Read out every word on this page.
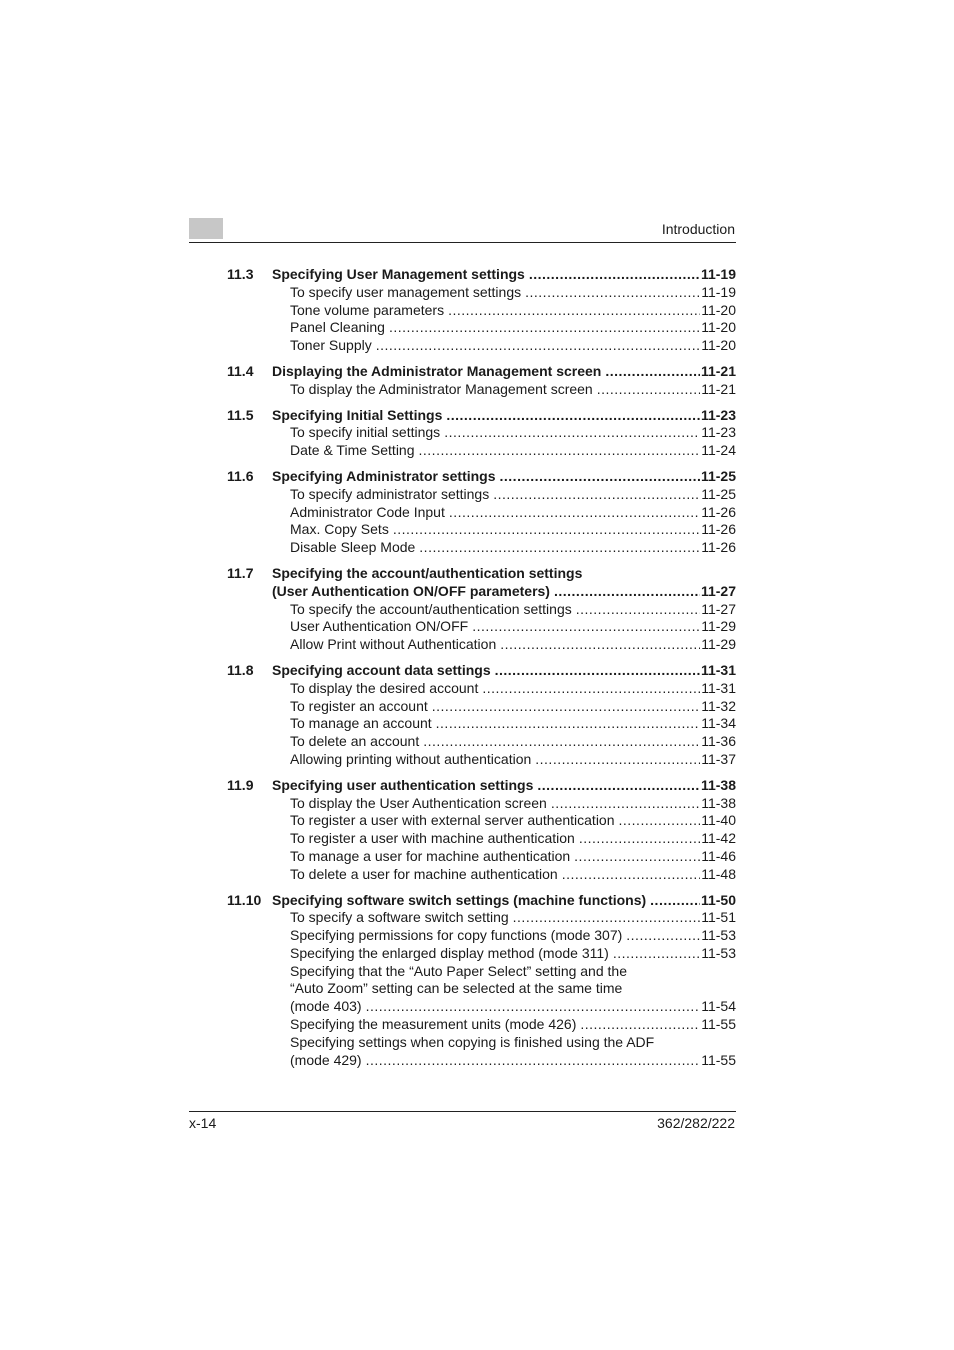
Introduction
11.3	Specifying User Management settings .....	11-19
To specify user management settings .....	11-19
Tone volume parameters .....	11-20
Panel Cleaning .....	11-20
Toner Supply .....	11-20
11.4	Displaying the Administrator Management screen .....	11-21
To display the Administrator Management screen .....	11-21
11.5	Specifying Initial Settings .....	11-23
To specify initial settings .....	11-23
Date & Time Setting .....	11-24
11.6	Specifying Administrator settings .....	11-25
To specify administrator settings .....	11-25
Administrator Code Input .....	11-26
Max. Copy Sets .....	11-26
Disable Sleep Mode .....	11-26
11.7	Specifying the account/authentication settings
(User Authentication ON/OFF parameters) .....	11-27
To specify the account/authentication settings .....	11-27
User Authentication ON/OFF .....	11-29
Allow Print without Authentication .....	11-29
11.8	Specifying account data settings .....	11-31
To display the desired account .....	11-31
To register an account .....	11-32
To manage an account .....	11-34
To delete an account .....	11-36
Allowing printing without authentication .....	11-37
11.9	Specifying user authentication settings .....	11-38
To display the User Authentication screen .....	11-38
To register a user with external server authentication .....	11-40
To register a user with machine authentication .....	11-42
To manage a user for machine authentication .....	11-46
To delete a user for machine authentication .....	11-48
11.10 Specifying software switch settings (machine functions) .....	11-50
To specify a software switch setting .....	11-51
Specifying permissions for copy functions (mode 307) .....	11-53
Specifying the enlarged display method (mode 311) .....	11-53
Specifying that the “Auto Paper Select” setting and the
“Auto Zoom” setting can be selected at the same time
(mode 403) .....	11-54
Specifying the measurement units (mode 426) .....	11-55
Specifying settings when copying is finished using the ADF
(mode 429) .....	11-55
x-14	362/282/222
